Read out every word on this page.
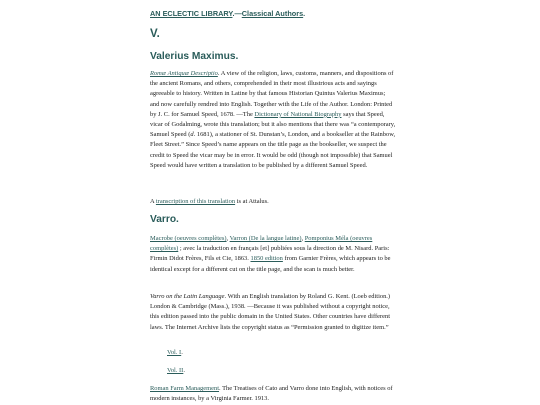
AN ECLECTIC LIBRARY.—Classical Authors.
V.
Valerius Maximus.

Romæ Antiquæ Descriptio. A view of the religion, laws, customs, manners, and dispositions of the ancient Romans, and others, comprehended in their most illustrious acts and sayings agreeable to history. Written in Latine by that famous Historian Quintus Valerius Maximus; and now carefully rendred into English. Together with the Life of the Author. London: Printed by J. C. for Samuel Speed, 1678. —The Dictionary of National Biography says that Speed, vicar of Godalming, wrote this translation; but it also mentions that there was “a contemporary, Samuel Speed (d. 1681), a stationer of St. Dunstan’s, London, and a bookseller at the Rainbow, Fleet Street.” Since Speed’s name appears on the title page as the bookseller, we suspect the credit to Speed the vicar may be in error. It would be odd (though not impossible) that Samuel Speed would have written a translation to be published by a different Samuel Speed.

A transcription of this translation is at Attalus.

Varro.

Macrobe (oeuvres complètes), Varron (De la langue latine), Pomponius Méla (oeuvres complètes) ; avec la traduction en français [et] publiées sous la direction de M. Nisard. Paris: Firmin Didot Frères, Fils et Cie, 1863. 1850 edition from Garnier Frères, which appears to be identical except for a different cut on the title page, and the scan is much better.

Varro on the Latin Language. With an English translation by Roland G. Kent. (Loeb edition.) London & Cambridge (Mass.), 1938. —Because it was published without a copyright notice, this edition passed into the public domain in the United States. Other countries have different laws. The Internet Archive lists the copyright status as “Permission granted to digitize item.”

Vol. I.
Vol. II.

Roman Farm Management. The Treatises of Cato and Varro done into English, with notices of modern instances, by a Virginia Farmer. 1913.
